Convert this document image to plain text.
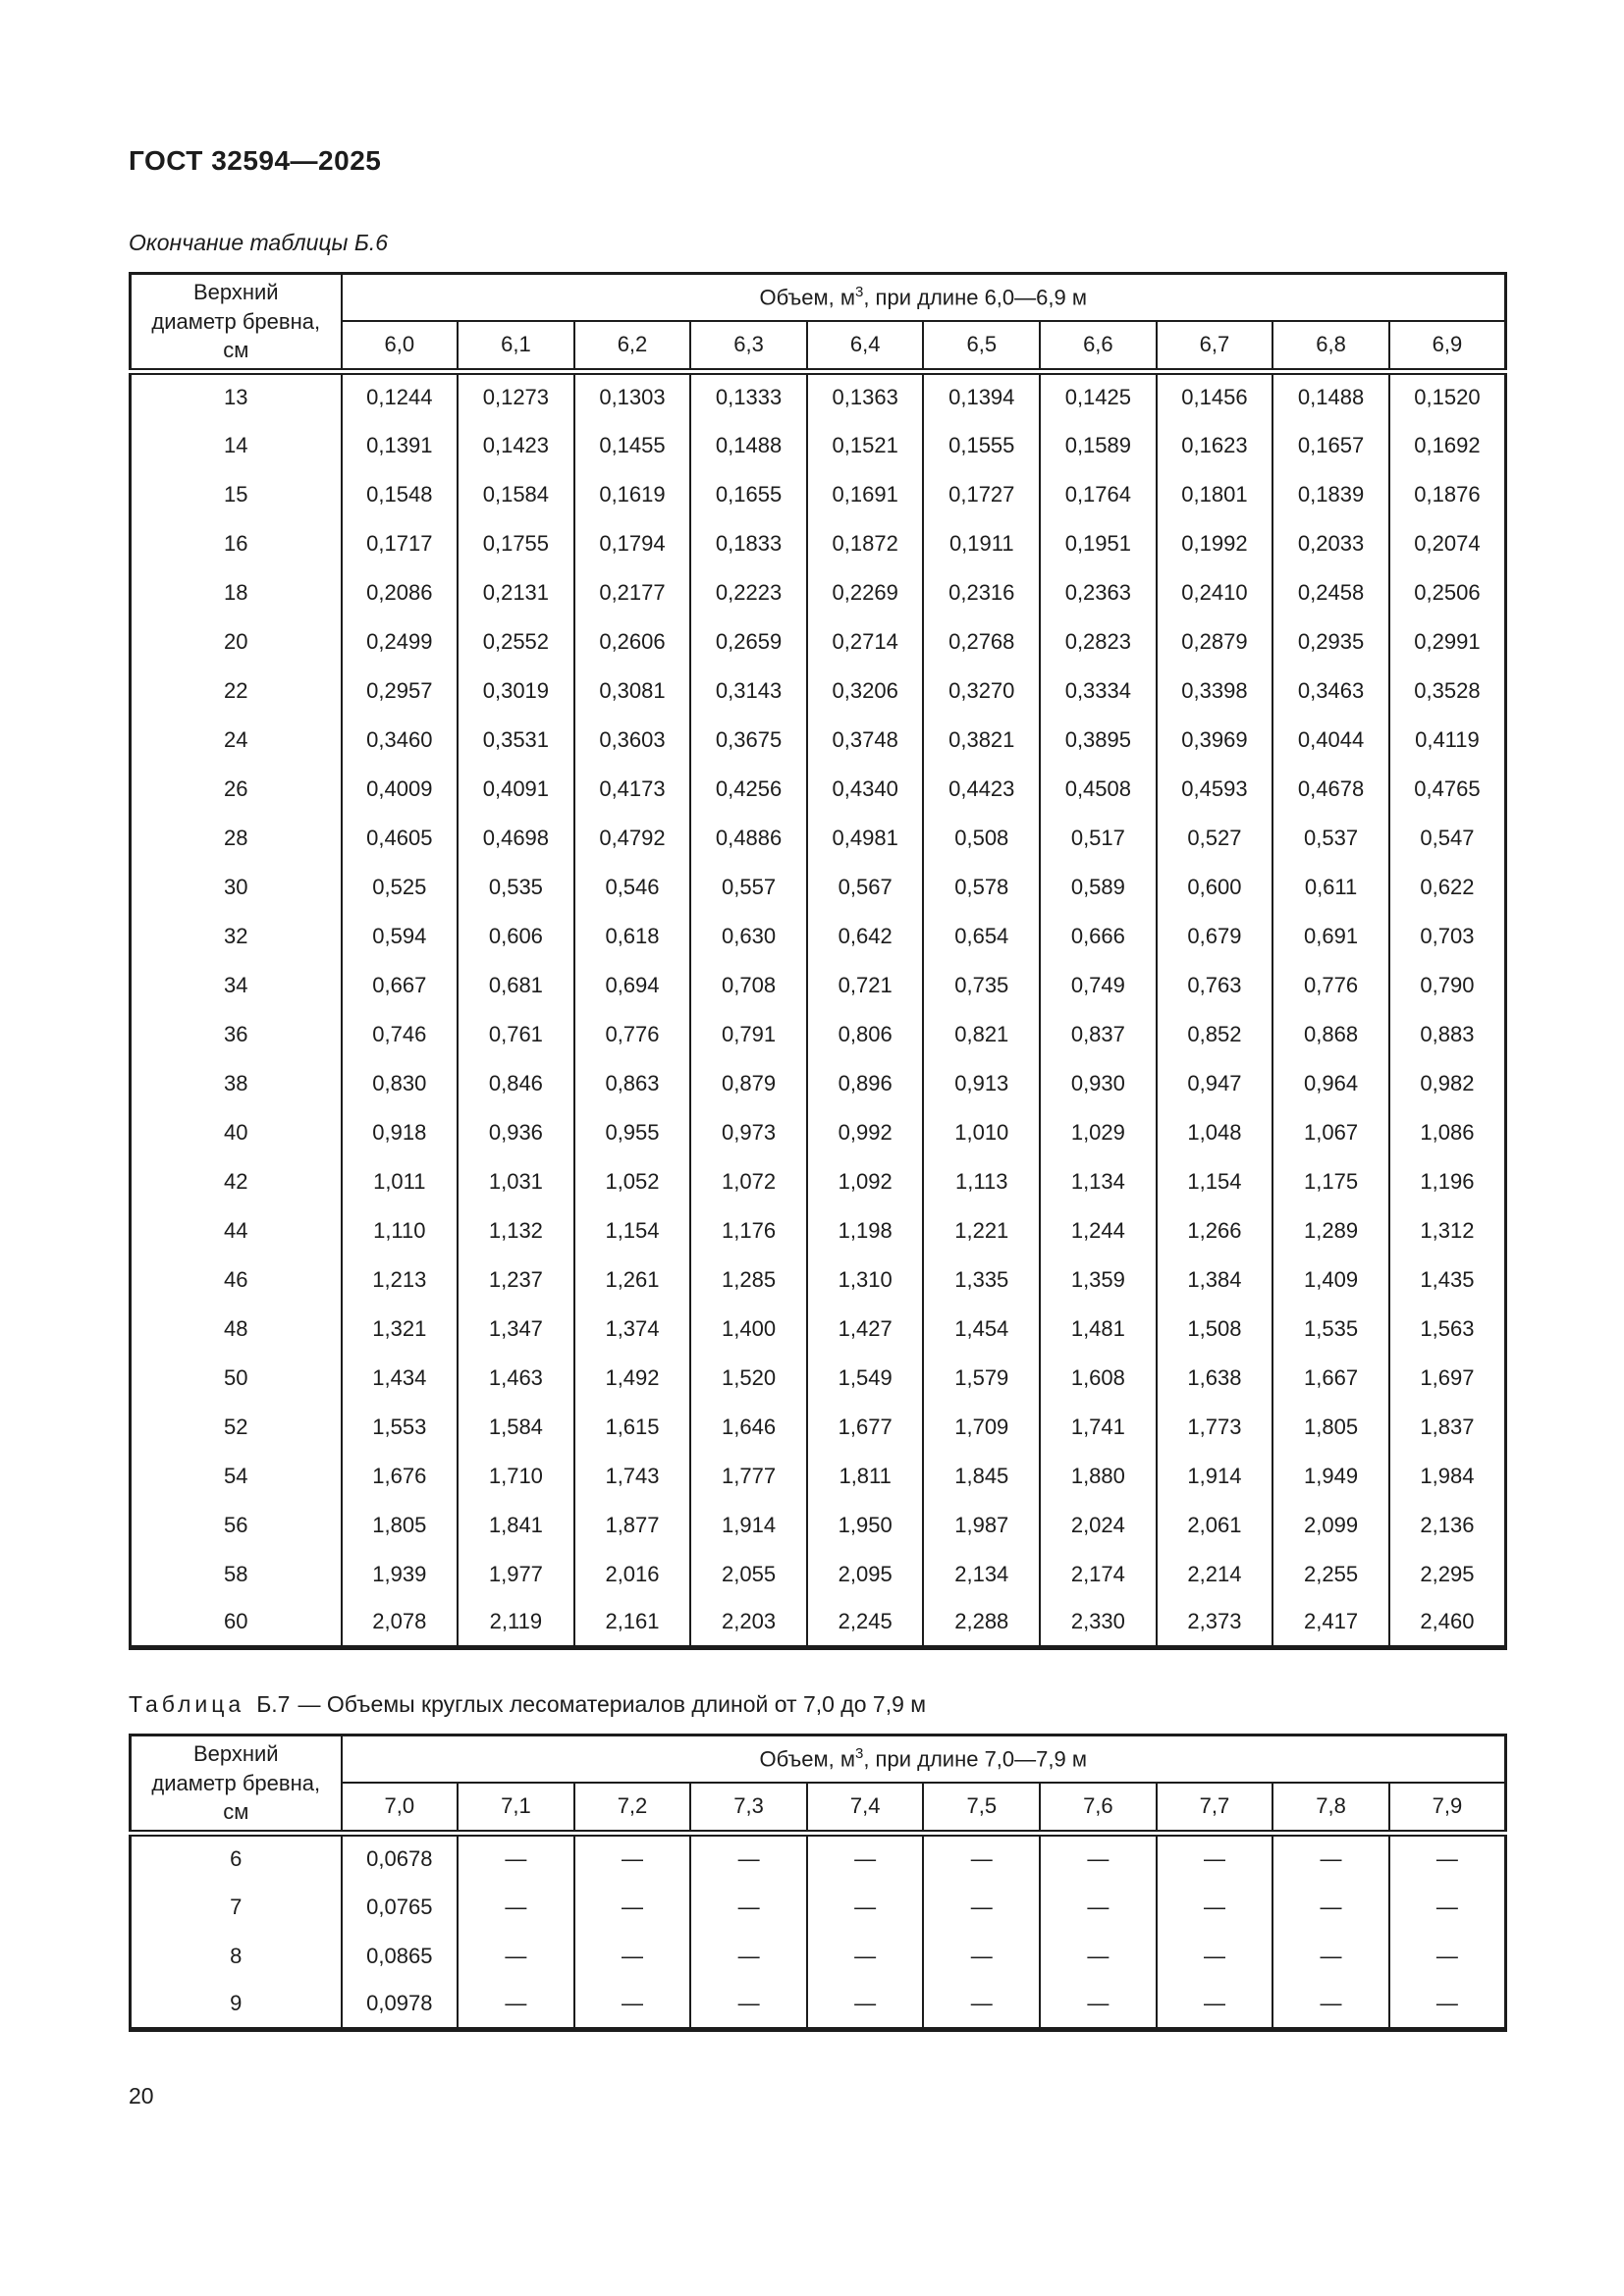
ГОСТ 32594—2025
Окончание таблицы Б.6
Верхний диаметр бревна, см	Объем, $м^3$, при длине 6,0—6,9 м									
	6,0	6,1	6,2	6,3	6,4	6,5	6,6	6,7	6,8	6,9
13	0,1244	0,1273	0,1303	0,1333	0,1363	0,1394	0,1425	0,1456	0,1488	0,1520
14	0,1391	0,1423	0,1455	0,1488	0,1521	0,1555	0,1589	0,1623	0,1657	0,1692
15	0,1548	0,1584	0,1619	0,1655	0,1691	0,1727	0,1764	0,1801	0,1839	0,1876
16	0,1717	0,1755	0,1794	0,1833	0,1872	0,1911	0,1951	0,1992	0,2033	0,2074
18	0,2086	0,2131	0,2177	0,2223	0,2269	0,2316	0,2363	0,2410	0,2458	0,2506
20	0,2499	0,2552	0,2606	0,2659	0,2714	0,2768	0,2823	0,2879	0,2935	0,2991
22	0,2957	0,3019	0,3081	0,3143	0,3206	0,3270	0,3334	0,3398	0,3463	0,3528
24	0,3460	0,3531	0,3603	0,3675	0,3748	0,3821	0,3895	0,3969	0,4044	0,4119
26	0,4009	0,4091	0,4173	0,4256	0,4340	0,4423	0,4508	0,4593	0,4678	0,4765
28	0,4605	0,4698	0,4792	0,4886	0,4981	0,508	0,517	0,527	0,537	0,547
30	0,525	0,535	0,546	0,557	0,567	0,578	0,589	0,600	0,611	0,622
32	0,594	0,606	0,618	0,630	0,642	0,654	0,666	0,679	0,691	0,703
34	0,667	0,681	0,694	0,708	0,721	0,735	0,749	0,763	0,776	0,790
36	0,746	0,761	0,776	0,791	0,806	0,821	0,837	0,852	0,868	0,883
38	0,830	0,846	0,863	0,879	0,896	0,913	0,930	0,947	0,964	0,982
40	0,918	0,936	0,955	0,973	0,992	1,010	1,029	1,048	1,067	1,086
42	1,011	1,031	1,052	1,072	1,092	1,113	1,134	1,154	1,175	1,196
44	1,110	1,132	1,154	1,176	1,198	1,221	1,244	1,266	1,289	1,312
46	1,213	1,237	1,261	1,285	1,310	1,335	1,359	1,384	1,409	1,435
48	1,321	1,347	1,374	1,400	1,427	1,454	1,481	1,508	1,535	1,563
50	1,434	1,463	1,492	1,520	1,549	1,579	1,608	1,638	1,667	1,697
52	1,553	1,584	1,615	1,646	1,677	1,709	1,741	1,773	1,805	1,837
54	1,676	1,710	1,743	1,777	1,811	1,845	1,880	1,914	1,949	1,984
56	1,805	1,841	1,877	1,914	1,950	1,987	2,024	2,061	2,099	2,136
58	1,939	1,977	2,016	2,055	2,095	2,134	2,174	2,214	2,255	2,295
60	2,078	2,119	2,161	2,203	2,245	2,288	2,330	2,373	2,417	2,460
Таблица Б.7 — Объемы круглых лесоматериалов длиной от 7,0 до 7,9 м
Верхний диаметр бревна, см	Объем, $м^3$, при длине 7,0—7,9 м									
	7,0	7,1	7,2	7,3	7,4	7,5	7,6	7,7	7,8	7,9
6	0,0678	—	—	—	—	—	—	—	—	—
7	0,0765	—	—	—	—	—	—	—	—	—
8	0,0865	—	—	—	—	—	—	—	—	—
9	0,0978	—	—	—	—	—	—	—	—	—
20
